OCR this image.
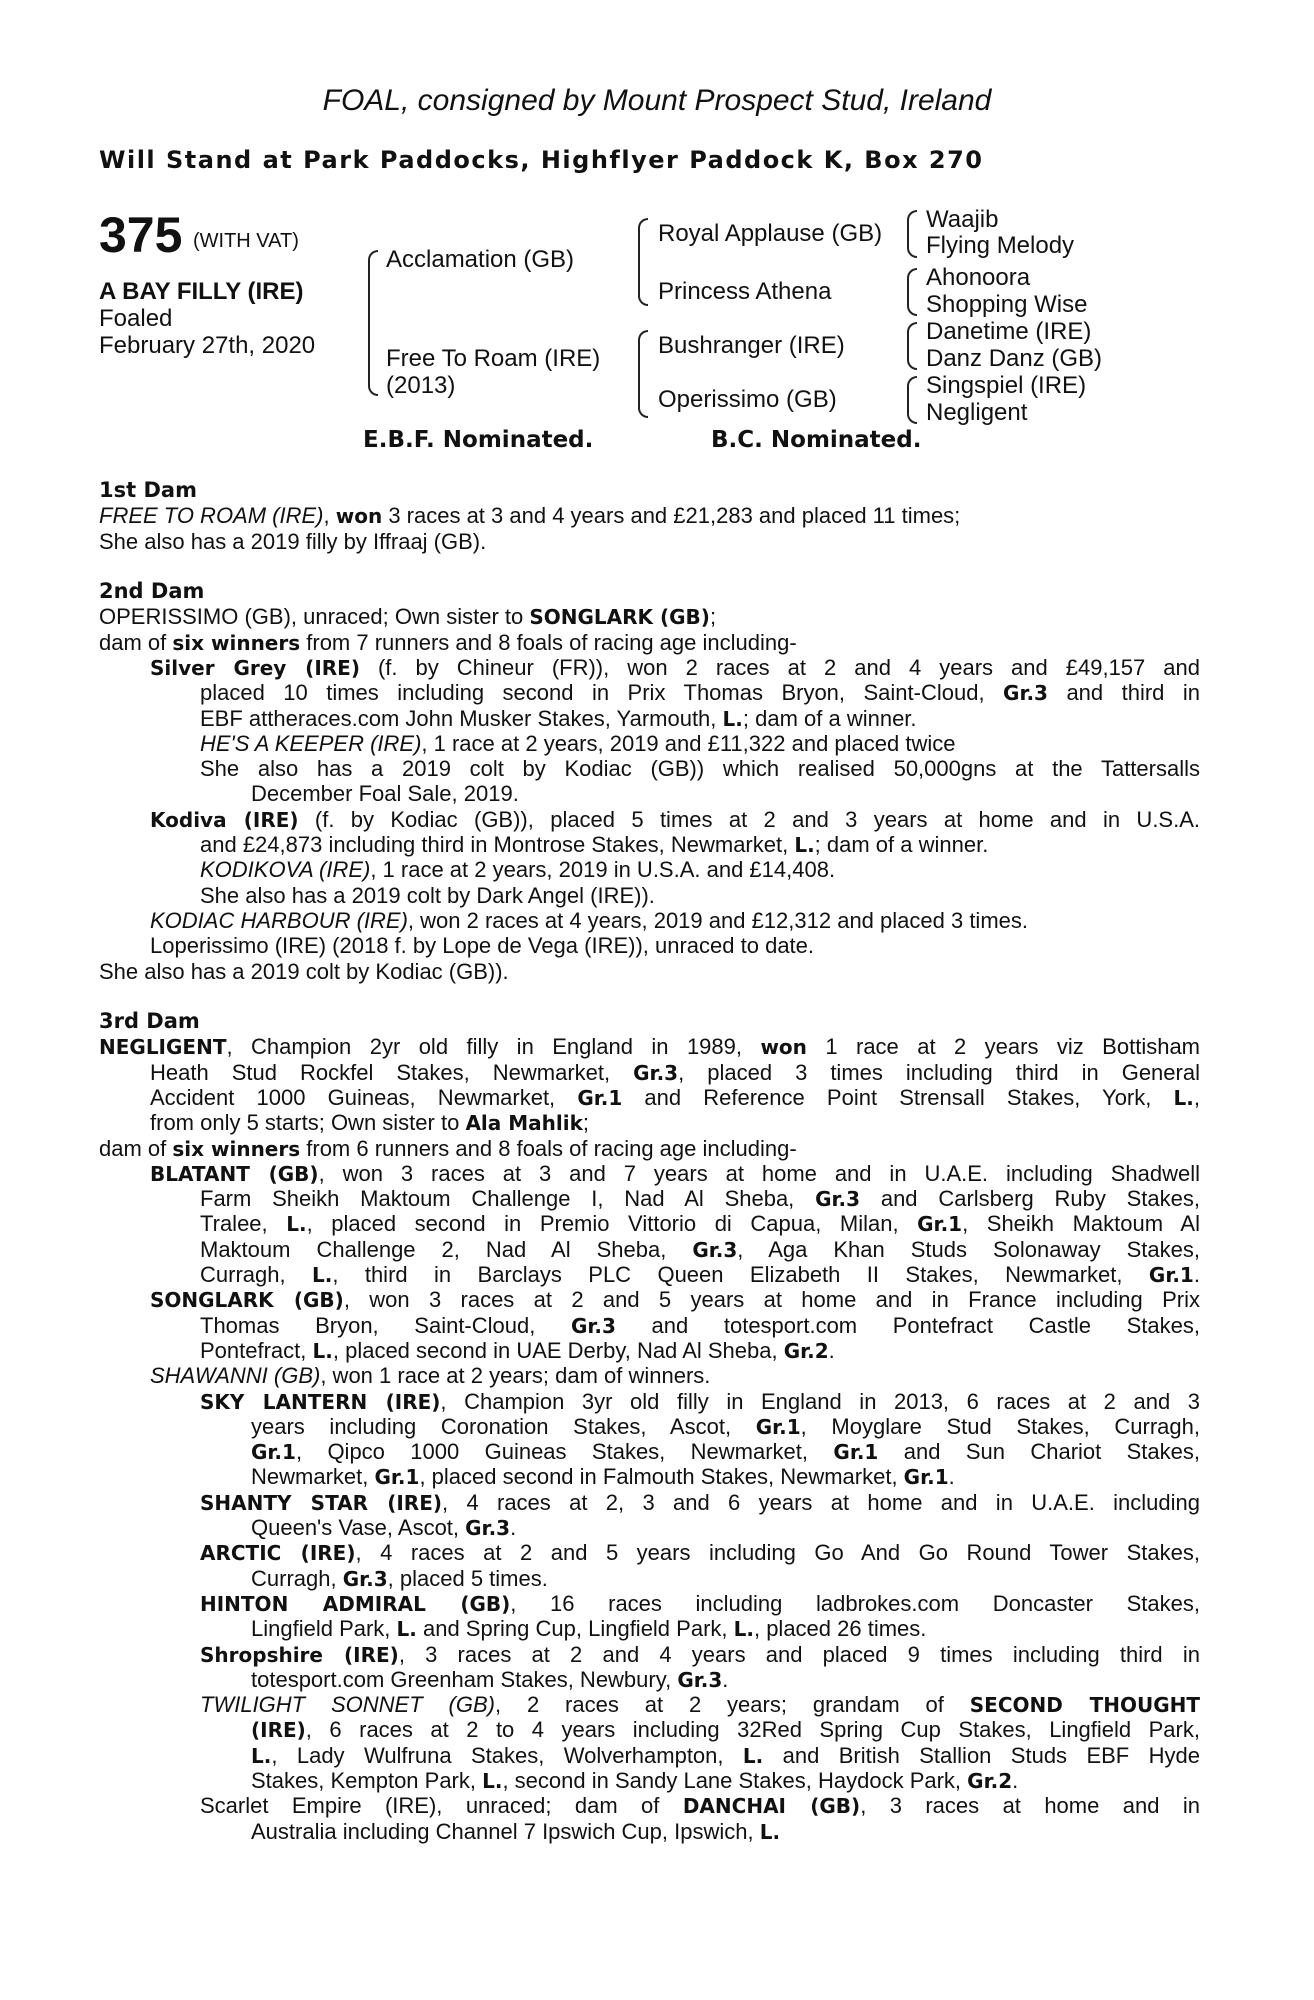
FOAL, consigned by Mount Prospect Stud, Ireland
Will Stand at Park Paddocks, Highflyer Paddock K, Box 270
375 (WITH VAT)
A BAY FILLY (IRE)
Foaled
February 27th, 2020
Acclamation (GB)
Free To Roam (IRE)
(2013)
Royal Applause (GB)
Princess Athena
Bushranger (IRE)
Operissimo (GB)
Waajib
Flying Melody
Ahonoora
Shopping Wise
Danetime (IRE)
Danz Danz (GB)
Singspiel (IRE)
Negligent
E.B.F. Nominated.	B.C. Nominated.
1st Dam
FREE TO ROAM (IRE), won 3 races at 3 and 4 years and £21,283 and placed 11 times;
She also has a 2019 filly by Iffraaj (GB).
2nd Dam
OPERISSIMO (GB), unraced; Own sister to SONGLARK (GB);
dam of six winners from 7 runners and 8 foals of racing age including-
Silver Grey (IRE) (f. by Chineur (FR)), won 2 races at 2 and 4 years and £49,157 and
placed 10 times including second in Prix Thomas Bryon, Saint-Cloud, Gr.3 and third in
EBF attheraces.com John Musker Stakes, Yarmouth, L.; dam of a winner.
HE'S A KEEPER (IRE), 1 race at 2 years, 2019 and £11,322 and placed twice
She also has a 2019 colt by Kodiac (GB)) which realised 50,000gns at the Tattersalls
December Foal Sale, 2019.
Kodiva (IRE) (f. by Kodiac (GB)), placed 5 times at 2 and 3 years at home and in U.S.A.
and £24,873 including third in Montrose Stakes, Newmarket, L.; dam of a winner.
KODIKOVA (IRE), 1 race at 2 years, 2019 in U.S.A. and £14,408.
She also has a 2019 colt by Dark Angel (IRE)).
KODIAC HARBOUR (IRE), won 2 races at 4 years, 2019 and £12,312 and placed 3 times.
Loperissimo (IRE) (2018 f. by Lope de Vega (IRE)), unraced to date.
She also has a 2019 colt by Kodiac (GB)).
3rd Dam
NEGLIGENT, Champion 2yr old filly in England in 1989, won 1 race at 2 years viz Bottisham
Heath Stud Rockfel Stakes, Newmarket, Gr.3, placed 3 times including third in General
Accident 1000 Guineas, Newmarket, Gr.1 and Reference Point Strensall Stakes, York, L.,
from only 5 starts; Own sister to Ala Mahlik;
dam of six winners from 6 runners and 8 foals of racing age including-
BLATANT (GB), won 3 races at 3 and 7 years at home and in U.A.E. including Shadwell
Farm Sheikh Maktoum Challenge I, Nad Al Sheba, Gr.3 and Carlsberg Ruby Stakes,
Tralee, L., placed second in Premio Vittorio di Capua, Milan, Gr.1, Sheikh Maktoum Al
Maktoum Challenge 2, Nad Al Sheba, Gr.3, Aga Khan Studs Solonaway Stakes,
Curragh, L., third in Barclays PLC Queen Elizabeth II Stakes, Newmarket, Gr.1.
SONGLARK (GB), won 3 races at 2 and 5 years at home and in France including Prix
Thomas Bryon, Saint-Cloud, Gr.3 and totesport.com Pontefract Castle Stakes,
Pontefract, L., placed second in UAE Derby, Nad Al Sheba, Gr.2.
SHAWANNI (GB), won 1 race at 2 years; dam of winners.
SKY LANTERN (IRE), Champion 3yr old filly in England in 2013, 6 races at 2 and 3
years including Coronation Stakes, Ascot, Gr.1, Moyglare Stud Stakes, Curragh,
Gr.1, Qipco 1000 Guineas Stakes, Newmarket, Gr.1 and Sun Chariot Stakes,
Newmarket, Gr.1, placed second in Falmouth Stakes, Newmarket, Gr.1.
SHANTY STAR (IRE), 4 races at 2, 3 and 6 years at home and in U.A.E. including
Queen's Vase, Ascot, Gr.3.
ARCTIC (IRE), 4 races at 2 and 5 years including Go And Go Round Tower Stakes,
Curragh, Gr.3, placed 5 times.
HINTON ADMIRAL (GB), 16 races including ladbrokes.com Doncaster Stakes,
Lingfield Park, L. and Spring Cup, Lingfield Park, L., placed 26 times.
Shropshire (IRE), 3 races at 2 and 4 years and placed 9 times including third in
totesport.com Greenham Stakes, Newbury, Gr.3.
TWILIGHT SONNET (GB), 2 races at 2 years; grandam of SECOND THOUGHT
(IRE), 6 races at 2 to 4 years including 32Red Spring Cup Stakes, Lingfield Park,
L., Lady Wulfruna Stakes, Wolverhampton, L. and British Stallion Studs EBF Hyde
Stakes, Kempton Park, L., second in Sandy Lane Stakes, Haydock Park, Gr.2.
Scarlet Empire (IRE), unraced; dam of DANCHAI (GB), 3 races at home and in
Australia including Channel 7 Ipswich Cup, Ipswich, L.
